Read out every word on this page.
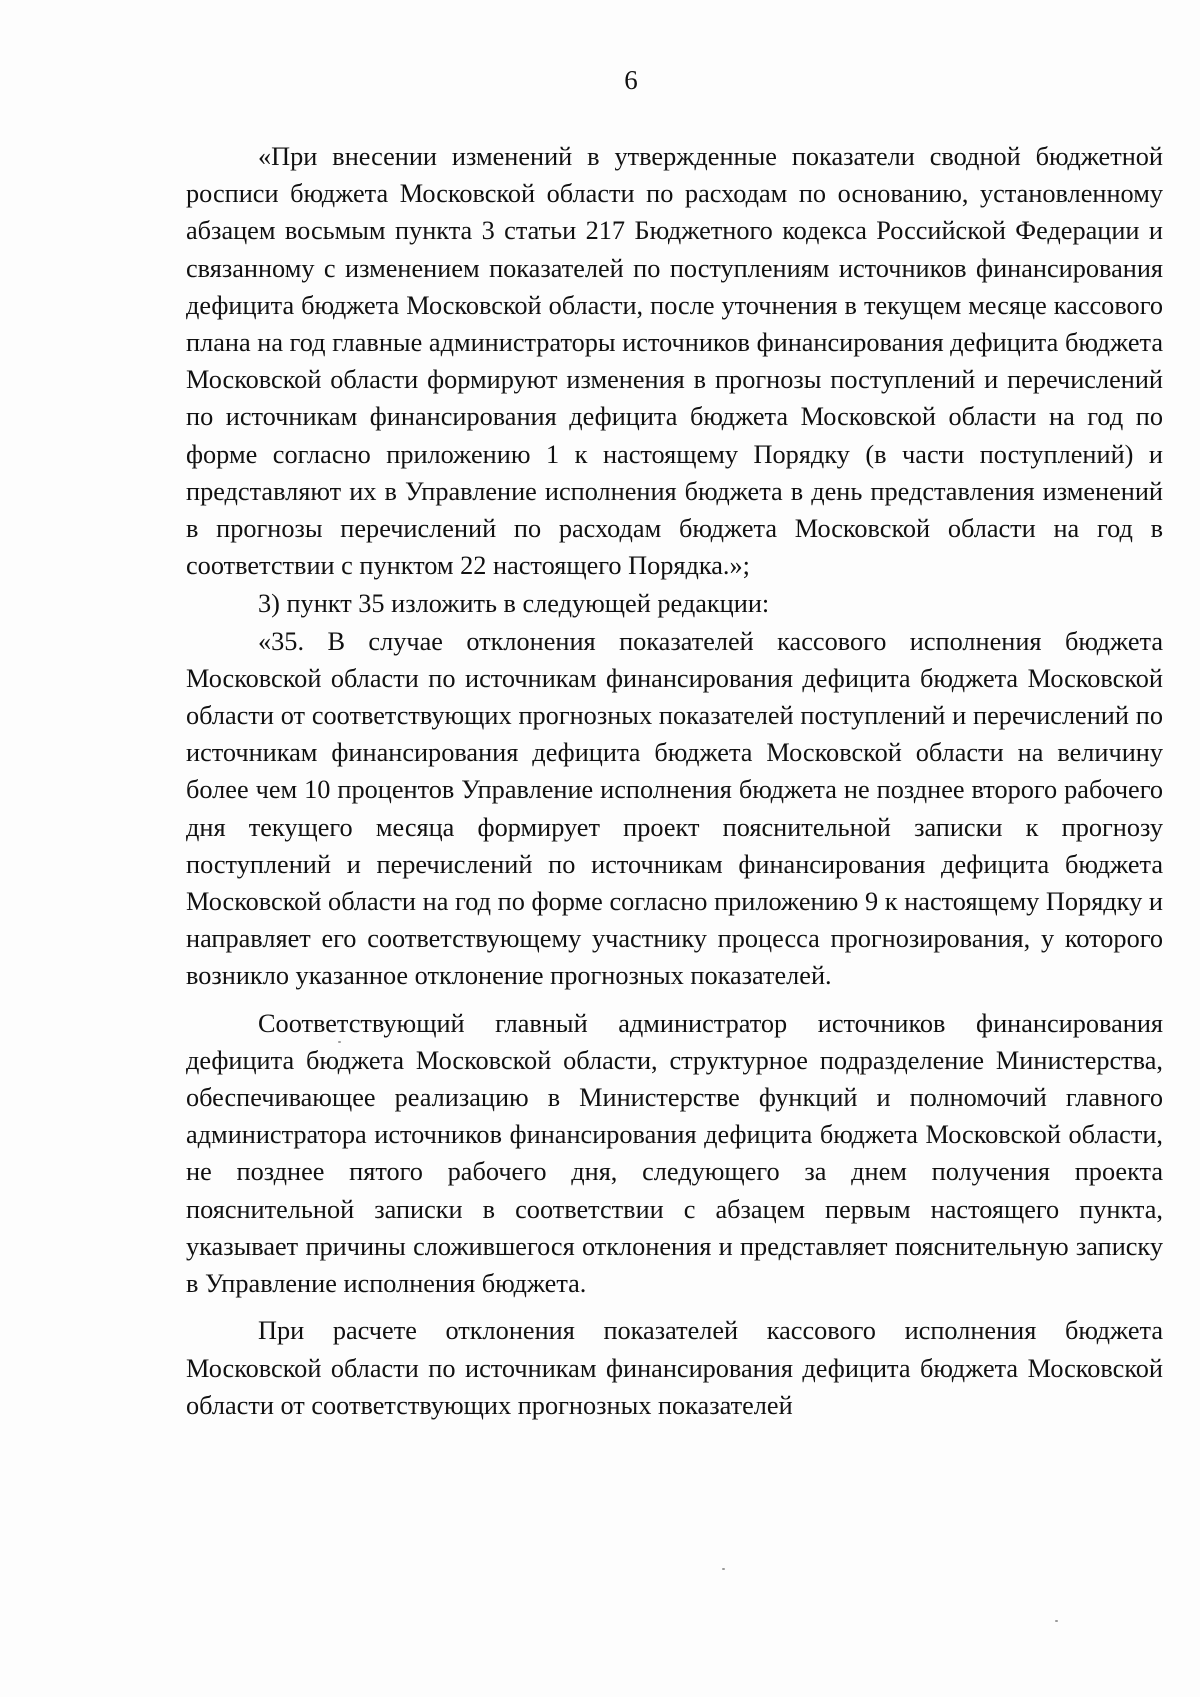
6

«При внесении изменений в утвержденные показатели сводной бюджетной росписи бюджета Московской области по расходам по основанию, установленному абзацем восьмым пункта 3 статьи 217 Бюджетного кодекса Российской Федерации и связанному с изменением показателей по поступлениям источников финансирования дефицита бюджета Московской области, после уточнения в текущем месяце кассового плана на год главные администраторы источников финансирования дефицита бюджета Московской области формируют изменения в прогнозы поступлений и перечислений по источникам финансирования дефицита бюджета Московской области на год по форме согласно приложению 1 к настоящему Порядку (в части поступлений) и представляют их в Управление исполнения бюджета в день представления изменений в прогнозы перечислений по расходам бюджета Московской области на год в соответствии с пунктом 22 настоящего Порядка.»;

3) пункт 35 изложить в следующей редакции:

«35. В случае отклонения показателей кассового исполнения бюджета Московской области по источникам финансирования дефицита бюджета Московской области от соответствующих прогнозных показателей поступлений и перечислений по источникам финансирования дефицита бюджета Московской области на величину более чем 10 процентов Управление исполнения бюджета не позднее второго рабочего дня текущего месяца формирует проект пояснительной записки к прогнозу поступлений и перечислений по источникам финансирования дефицита бюджета Московской области на год по форме согласно приложению 9 к настоящему Порядку и направляет его соответствующему участнику процесса прогнозирования, у которого возникло указанное отклонение прогнозных показателей.

Соответствующий главный администратор источников финансирования дефицита бюджета Московской области, структурное подразделение Министерства, обеспечивающее реализацию в Министерстве функций и полномочий главного администратора источников финансирования дефицита бюджета Московской области, не позднее пятого рабочего дня, следующего за днем получения проекта пояснительной записки в соответствии с абзацем первым настоящего пункта, указывает причины сложившегося отклонения и представляет пояснительную записку в Управление исполнения бюджета.

При расчете отклонения показателей кассового исполнения бюджета Московской области по источникам финансирования дефицита бюджета Московской области от соответствующих прогнозных показателей
